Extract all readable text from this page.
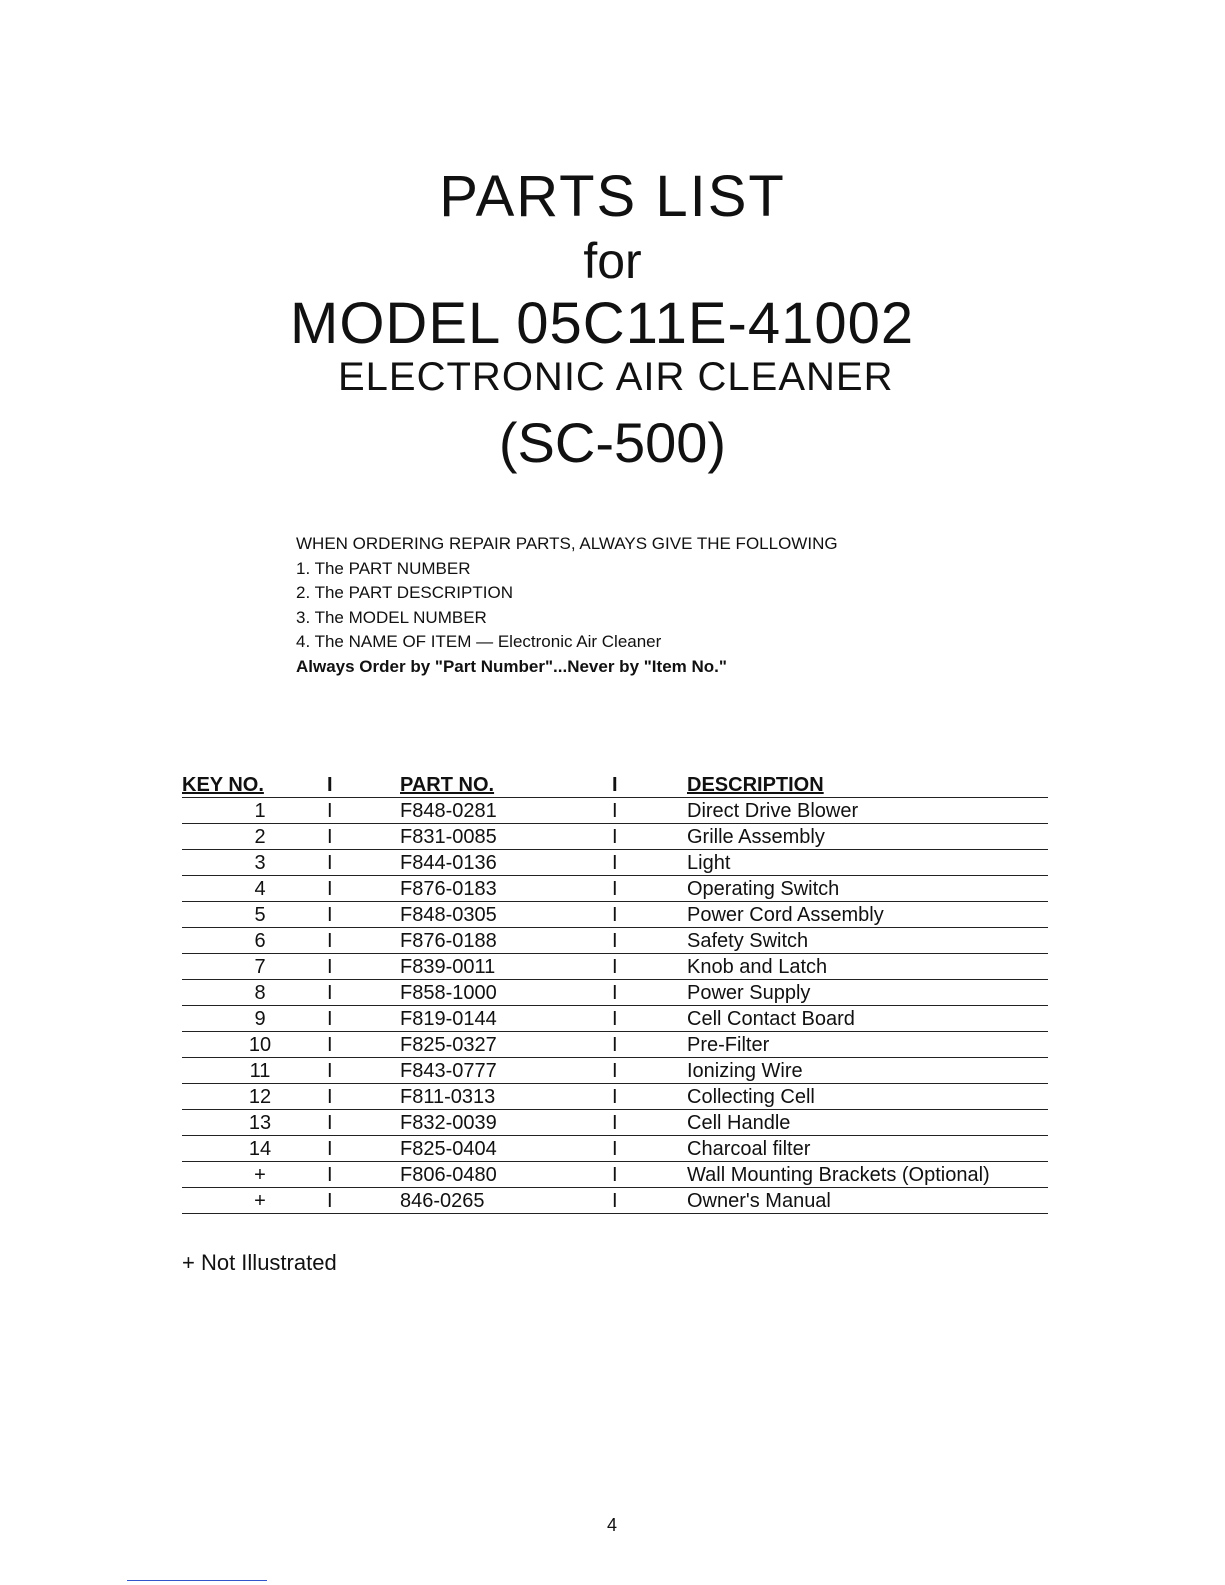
PARTS LIST
for
MODEL 05C11E-41002
ELECTRONIC AIR CLEANER
(SC-500)
WHEN ORDERING REPAIR PARTS, ALWAYS GIVE THE FOLLOWING
1. The PART NUMBER
2. The PART DESCRIPTION
3. The MODEL NUMBER
4. The NAME OF ITEM — Electronic Air Cleaner
Always Order by "Part Number"...Never by "Item No."
KEY NO.	I	PART NO.	I	DESCRIPTION
1	I	F848-0281	I	Direct Drive Blower
2	I	F831-0085	I	Grille Assembly
3	I	F844-0136	I	Light
4	I	F876-0183	I	Operating Switch
5	I	F848-0305	I	Power Cord Assembly
6	I	F876-0188	I	Safety Switch
7	I	F839-0011	I	Knob and Latch
8	I	F858-1000	I	Power Supply
9	I	F819-0144	I	Cell Contact Board
10	I	F825-0327	I	Pre-Filter
11	I	F843-0777	I	Ionizing Wire
12	I	F811-0313	I	Collecting Cell
13	I	F832-0039	I	Cell Handle
14	I	F825-0404	I	Charcoal filter
+	I	F806-0480	I	Wall Mounting Brackets (Optional)
+	I	846-0265	I	Owner's Manual
+ Not Illustrated
4
